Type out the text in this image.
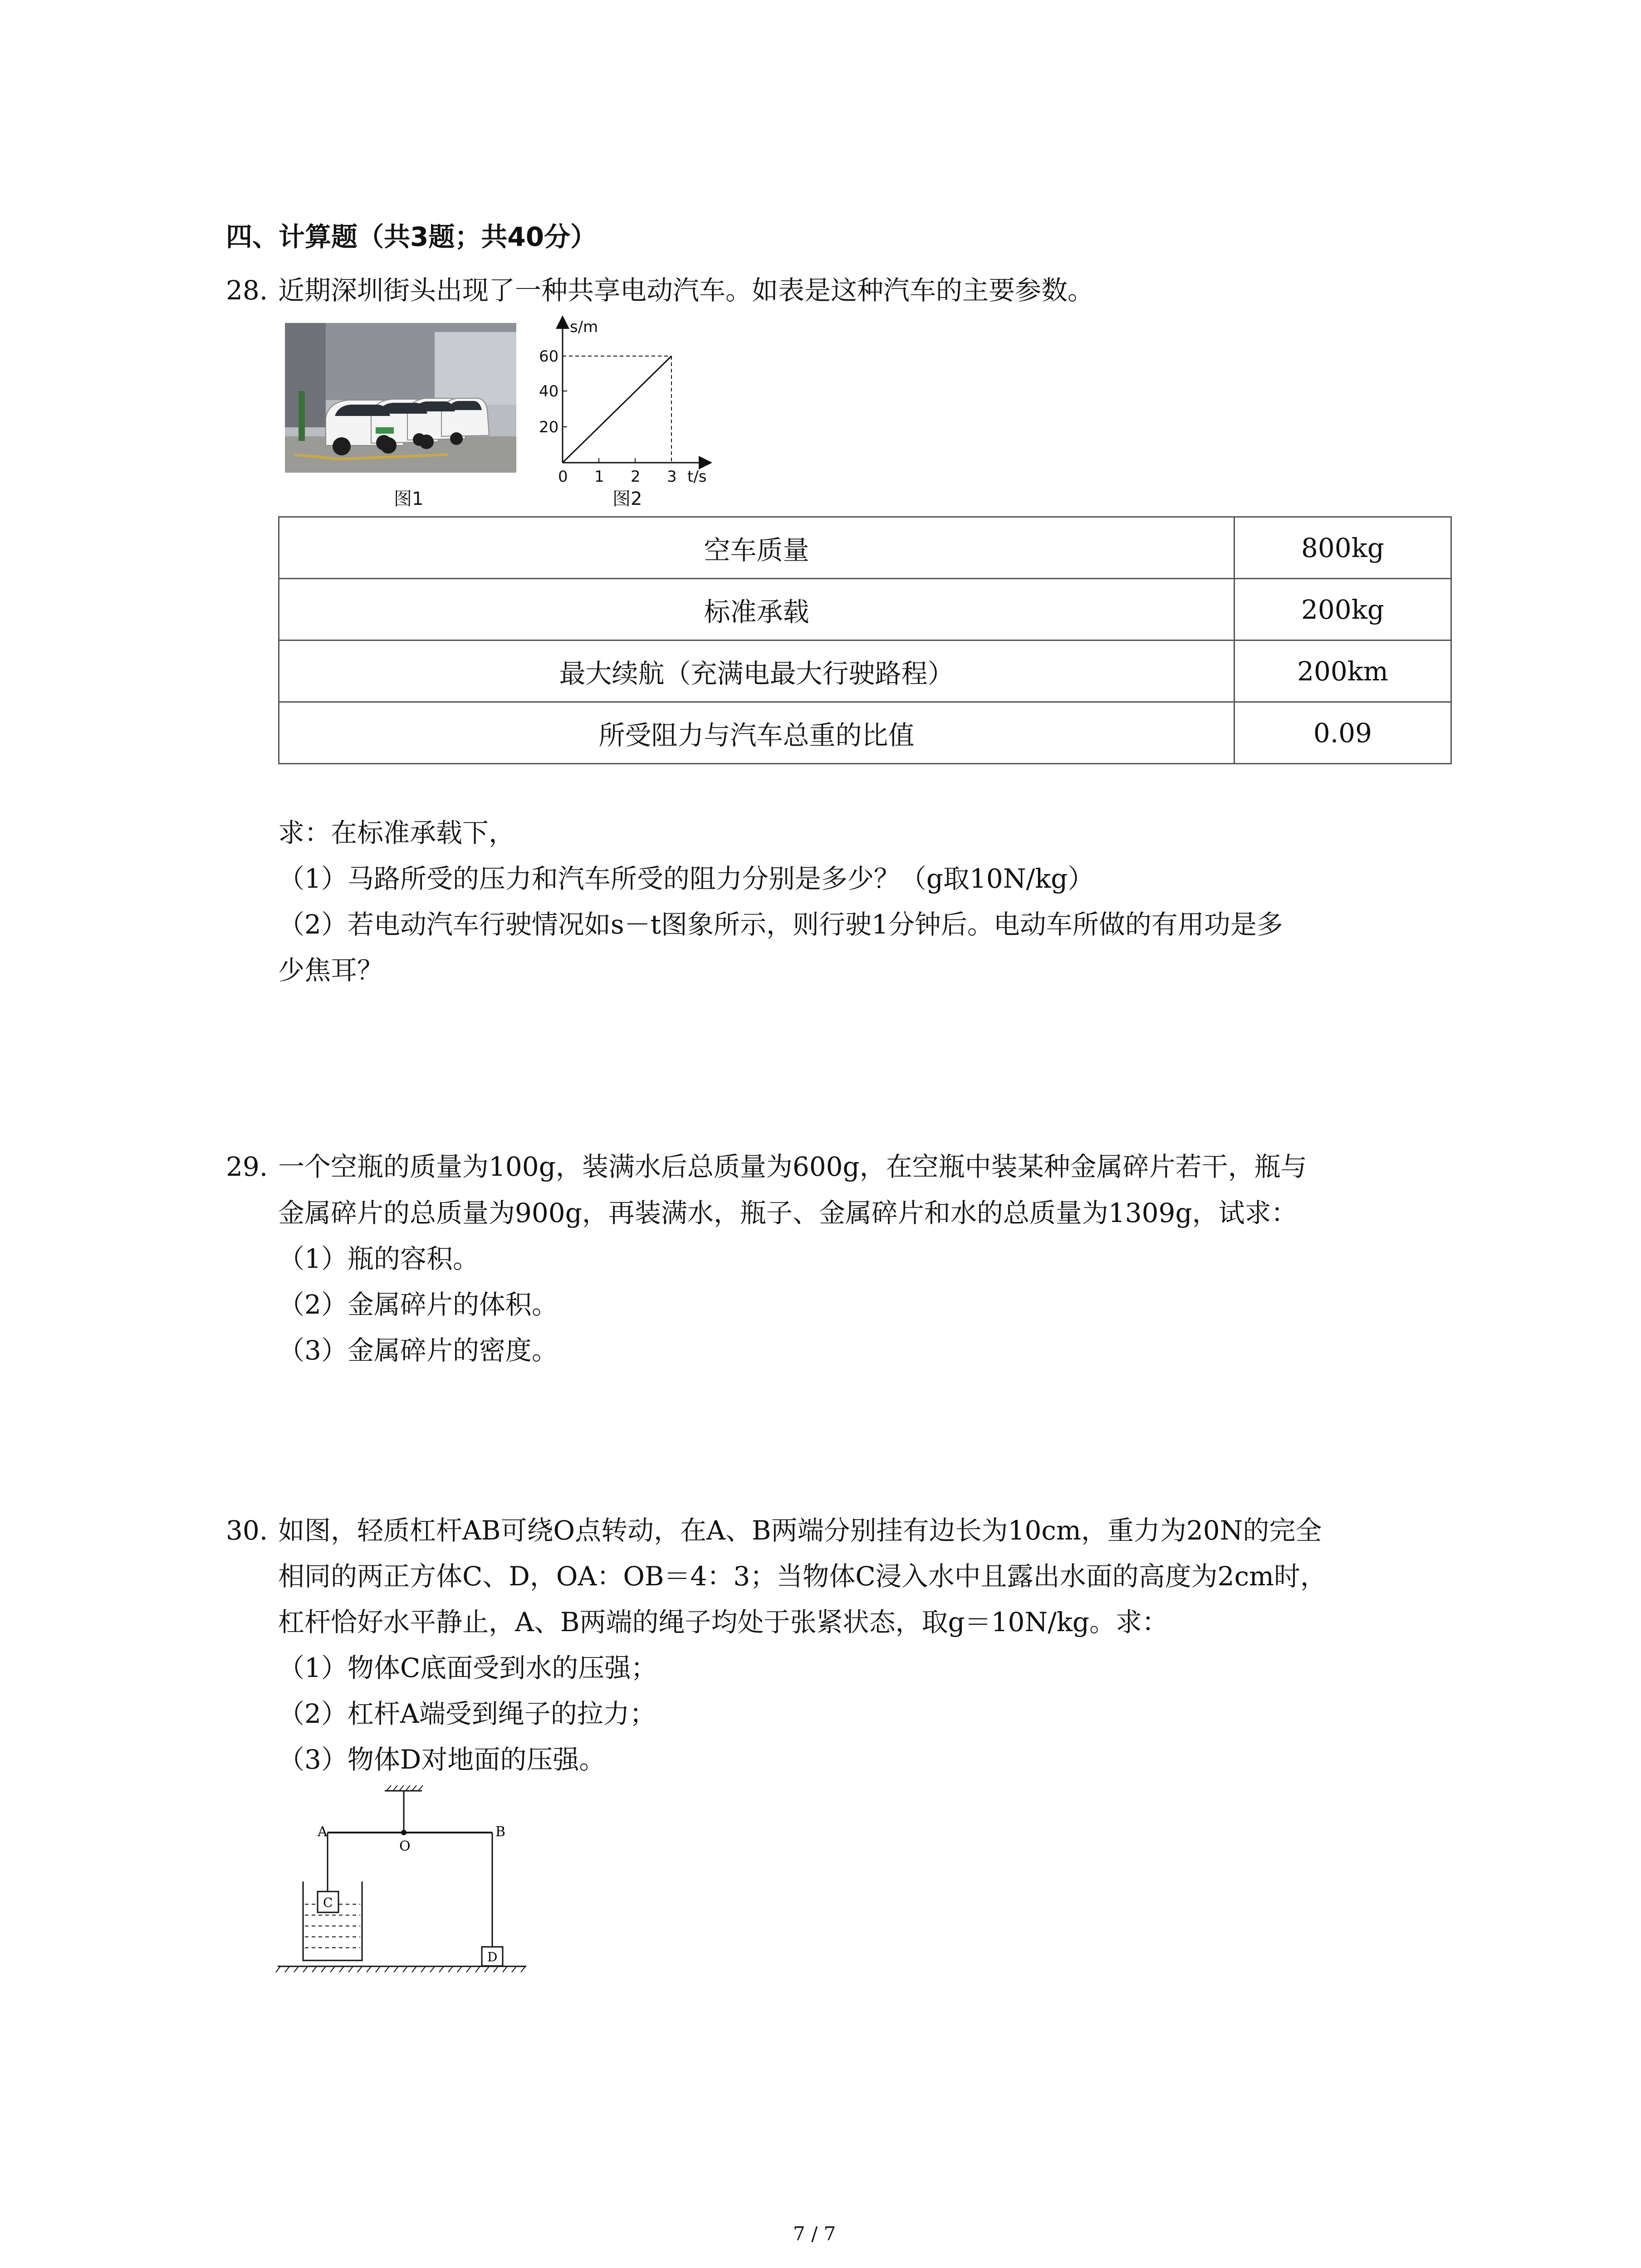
四、计算题（共3题；共40分）
28. 近期深圳街头出现了一种共享电动汽车。如表是这种汽车的主要参数。
图1
s/m
t/s
60
40
20
0 1 2 3
图2
空车质量	800kg
标准承载	200kg
最大续航（充满电最大行驶路程）	200km
所受阻力与汽车总重的比值	0.09
求：在标准承载下，
（1）马路所受的压力和汽车所受的阻力分别是多少？（g取10N/kg）
（2）若电动汽车行驶情况如s－t图象所示，则行驶1分钟后。电动车所做的有用功是多
少焦耳？
29. 一个空瓶的质量为100g，装满水后总质量为600g，在空瓶中装某种金属碎片若干，瓶与
金属碎片的总质量为900g，再装满水，瓶子、金属碎片和水的总质量为1309g，试求：
（1）瓶的容积。
（2）金属碎片的体积。
（3）金属碎片的密度。
30. 如图，轻质杠杆AB可绕O点转动，在A、B两端分别挂有边长为10cm，重力为20N的完全
相同的两正方体C、D，OA：OB＝4：3；当物体C浸入水中且露出水面的高度为2cm时，
杠杆恰好水平静止，A、B两端的绳子均处于张紧状态，取g＝10N/kg。求：
（1）物体C底面受到水的压强；
（2）杠杆A端受到绳子的拉力；
（3）物体D对地面的压强。
A
O
B
C
D
7 / 7
